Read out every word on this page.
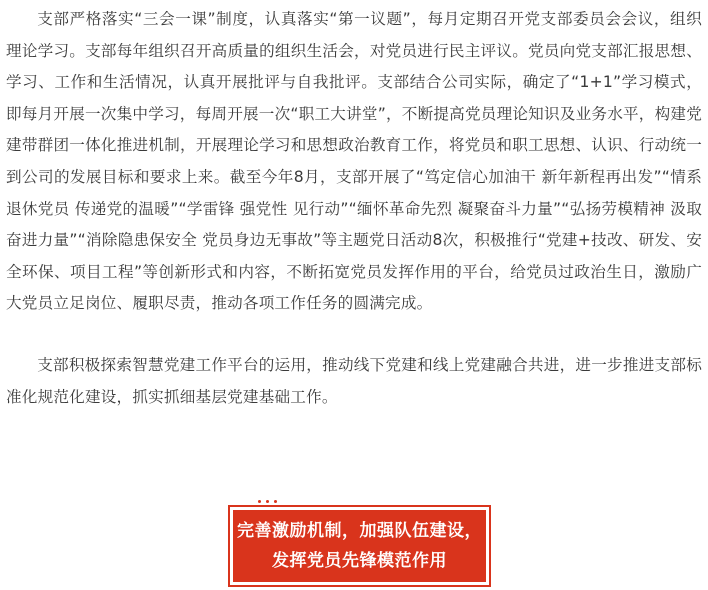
支部严格落实“三会一课”制度，认真落实“第一议题”，每月定期召开党支部委员会会议，组织理论学习。支部每年组织召开高质量的组织生活会，对党员进行民主评议。党员向党支部汇报思想、学习、工作和生活情况，认真开展批评与自我批评。支部结合公司实际，确定了“1+1”学习模式，即每月开展一次集中学习，每周开展一次“职工大讲堂”，不断提高党员理论知识及业务水平，构建党建带群团一体化推进机制，开展理论学习和思想政治教育工作，将党员和职工思想、认识、行动统一到公司的发展目标和要求上来。截至今年8月，支部开展了“笃定信心加油干 新年新程再出发”“情系退休党员 传递党的温暖”“学雷锋 强党性 见行动”“缅怀革命先烈 凝聚奋斗力量”“弘扬劳模精神 汲取奋进力量”“消除隐患保安全 党员身边无事故”等主题党日活动8次，积极推行“党建+技改、研发、安全环保、项目工程”等创新形式和内容，不断拓宽党员发挥作用的平台，给党员过政治生日，激励广大党员立足岗位、履职尽责，推动各项工作任务的圆满完成。

支部积极探索智慧党建工作平台的运用，推动线下党建和线上党建融合共进，进一步推进支部标准化规范化建设，抓实抓细基层党建基础工作。

完善激励机制，加强队伍建设，
发挥党员先锋模范作用
